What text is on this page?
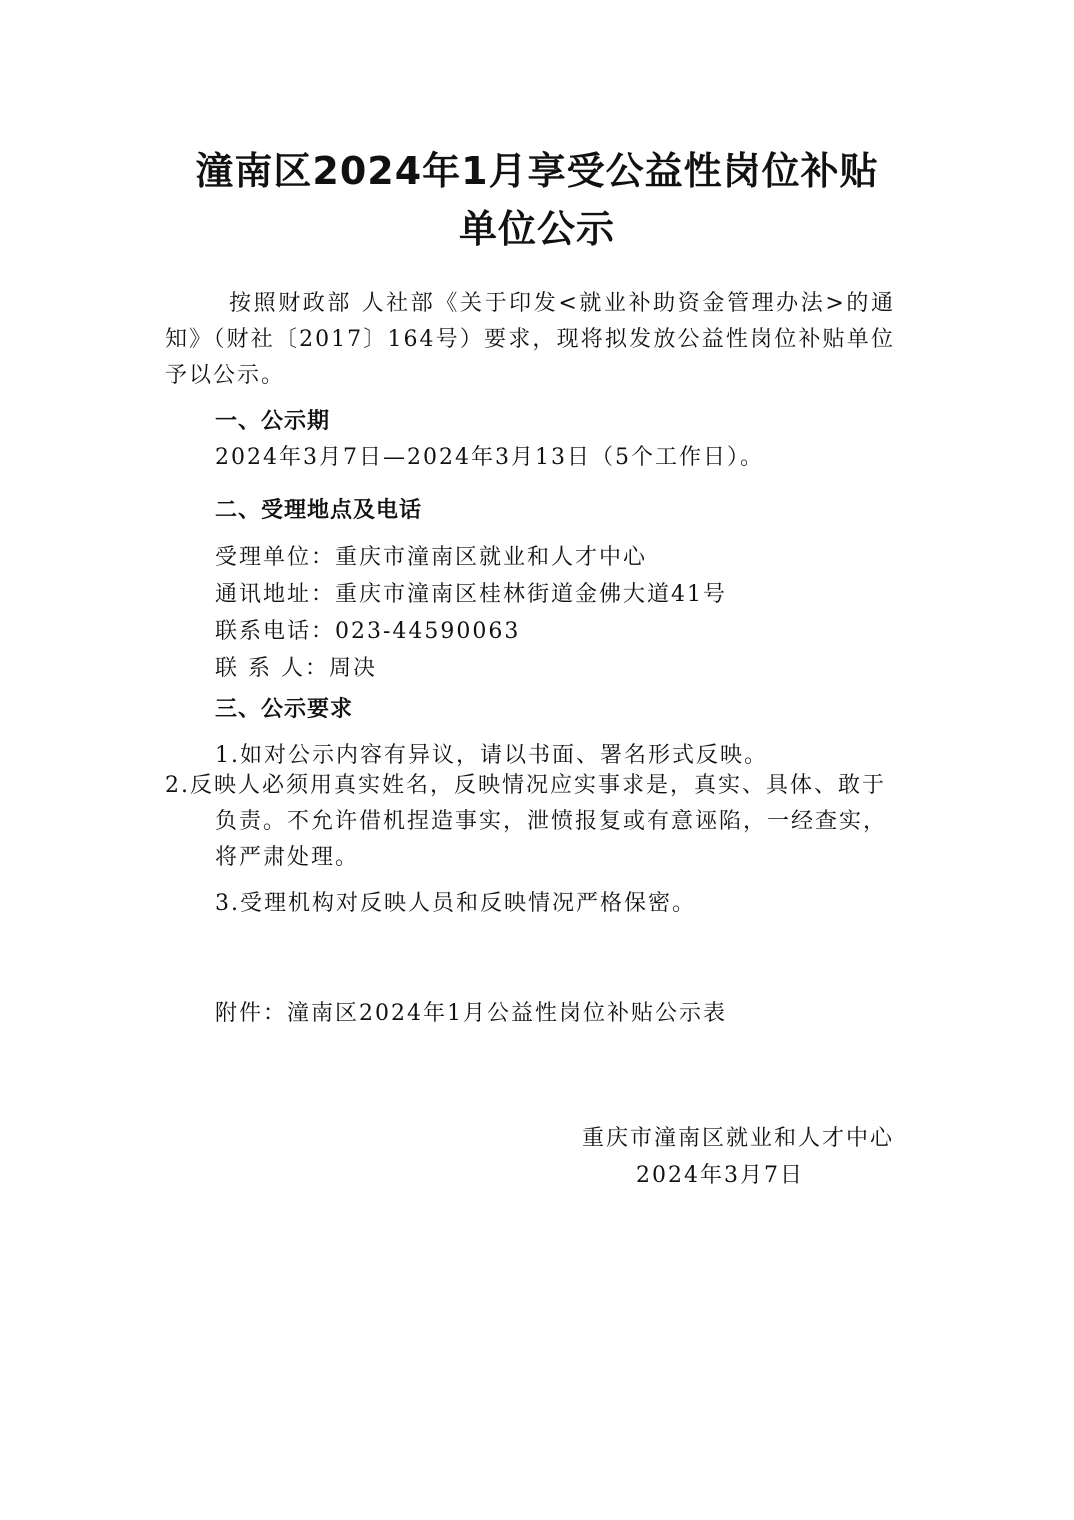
潼南区2024年1月享受公益性岗位补贴
单位公示
按照财政部 人社部《关于印发<就业补助资金管理办法>的通知》（财社〔2017〕164号）要求，现将拟发放公益性岗位补贴单位予以公示。
一、公示期
2024年3月7日—2024年3月13日（5个工作日）。
二、受理地点及电话
受理单位：重庆市潼南区就业和人才中心
通讯地址：重庆市潼南区桂林街道金佛大道41号
联系电话：023-44590063
联 系 人：周决
三、公示要求
1.如对公示内容有异议，请以书面、署名形式反映。
2.反映人必须用真实姓名，反映情况应实事求是，真实、具体、敢于负责。不允许借机捏造事实，泄愤报复或有意诬陷，一经查实，将严肃处理。
3.受理机构对反映人员和反映情况严格保密。
附件：潼南区2024年1月公益性岗位补贴公示表
重庆市潼南区就业和人才中心
2024年3月7日
